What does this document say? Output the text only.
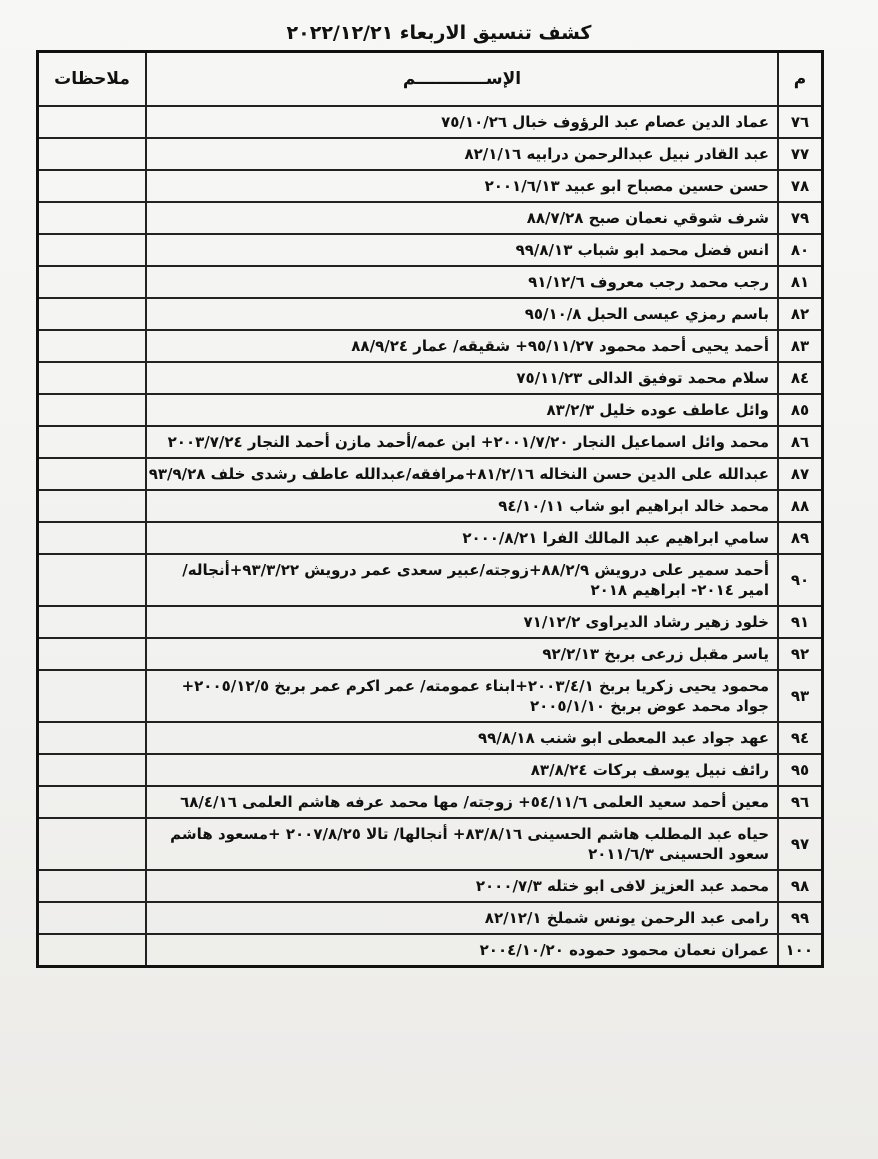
كشف تنسيق الاربعاء ٢٠٢٢/١٢/٢١
م	الإســــــــــــم	ملاحظات
٧٦	عماد الدين عصام عبد الرؤوف خبال ٧٥/١٠/٢٦	
٧٧	عبد القادر نبيل عبدالرحمن درابيه ٨٢/١/١٦	
٧٨	حسن حسين مصباح ابو عبيد ٢٠٠١/٦/١٣	
٧٩	شرف شوقي نعمان صبح ٨٨/٧/٢٨	
٨٠	انس فضل محمد ابو شباب ٩٩/٨/١٣	
٨١	رجب محمد رجب معروف ٩١/١٢/٦	
٨٢	باسم رمزي عيسى الحبل ٩٥/١٠/٨	
٨٣	أحمد يحيى أحمد محمود ٩٥/١١/٢٧+ شقيقه/ عمار ٨٨/٩/٢٤	
٨٤	سلام محمد توفيق الدالى ٧٥/١١/٢٣	
٨٥	وائل عاطف عوده خليل ٨٣/٢/٣	
٨٦	محمد وائل اسماعيل النجار ٢٠٠١/٧/٢٠+ ابن عمه/أحمد مازن أحمد النجار ٢٠٠٣/٧/٢٤	
٨٧	عبدالله على الدين حسن النخاله ٨١/٢/١٦+مرافقه/عبدالله عاطف رشدى خلف ٩٣/٩/٢٨	
٨٨	محمد خالد ابراهيم ابو شاب ٩٤/١٠/١١	
٨٩	سامي ابراهيم عبد المالك الفرا ٢٠٠٠/٨/٢١	
٩٠	أحمد سمير على درويش ٨٨/٢/٩+زوجته/عبير سعدى عمر درويش ٩٣/٣/٢٢+أنجاله/امير ٢٠١٤- ابراهيم ٢٠١٨	
٩١	خلود زهير رشاد الديراوى ٧١/١٢/٢	
٩٢	ياسر مقبل زرعى بربخ ٩٢/٢/١٣	
٩٣	محمود يحيى زكريا بربخ ٢٠٠٣/٤/١+ابناء عمومته/ عمر اكرم عمر بربخ ٢٠٠٥/١٢/٥+ جواد محمد عوض بربخ ٢٠٠٥/١/١٠	
٩٤	عهد جواد عبد المعطى ابو شنب ٩٩/٨/١٨	
٩٥	رائف نبيل يوسف بركات ٨٣/٨/٢٤	
٩٦	معين أحمد سعيد العلمى ٥٤/١١/٦+ زوجته/ مها محمد عرفه هاشم العلمى ٦٨/٤/١٦	
٩٧	حياه عبد المطلب هاشم الحسينى ٨٣/٨/١٦+ أنجالها/ تالا ٢٠٠٧/٨/٢٥ +مسعود هاشم سعود الحسينى ٢٠١١/٦/٣	
٩٨	محمد عبد العزيز لافى ابو ختله ٢٠٠٠/٧/٣	
٩٩	رامى عبد الرحمن يونس شملخ ٨٢/١٢/١	
١٠٠	عمران نعمان محمود حموده ٢٠٠٤/١٠/٢٠	
